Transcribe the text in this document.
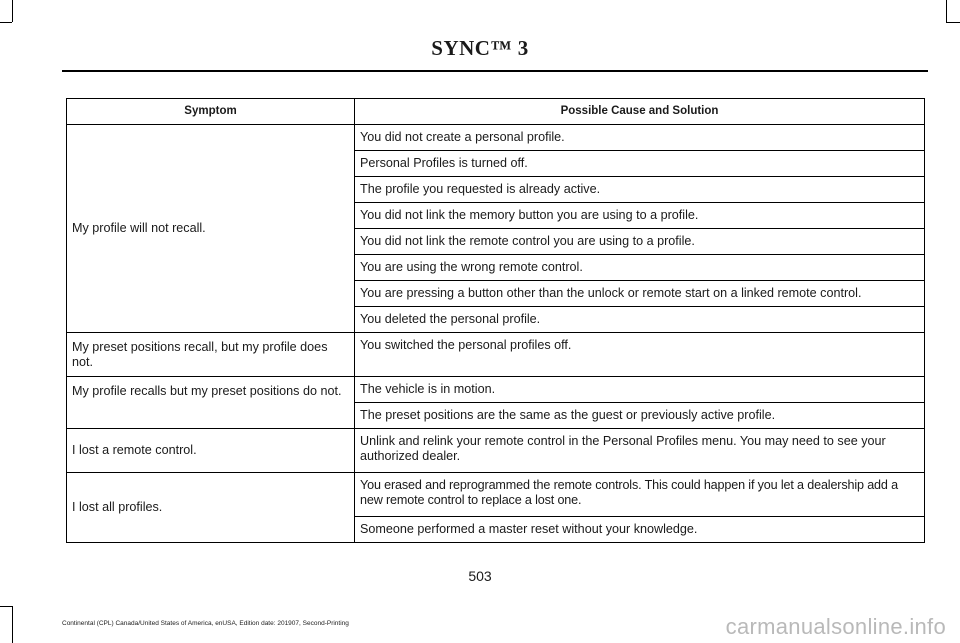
SYNC™ 3
Symptom	Possible Cause and Solution
My profile will not recall.	You did not create a personal profile.
	Personal Profiles is turned off.
	The profile you requested is already active.
	You did not link the memory button you are using to a profile.
	You did not link the remote control you are using to a profile.
	You are using the wrong remote control.
	You are pressing a button other than the unlock or remote start on a linked remote control.
	You deleted the personal profile.
My preset positions recall, but my profile does not.	You switched the personal profiles off.
My profile recalls but my preset positions do not.	The vehicle is in motion.
	The preset positions are the same as the guest or previously active profile.
I lost a remote control.	Unlink and relink your remote control in the Personal Profiles menu. You may need to see your authorized dealer.
I lost all profiles.	You erased and reprogrammed the remote controls. This could happen if you let a dealership add a new remote control to replace a lost one.
	Someone performed a master reset without your knowledge.
503
Continental (CPL) Canada/United States of America, enUSA, Edition date: 201907, Second-Printing	carmanualsonline.info
